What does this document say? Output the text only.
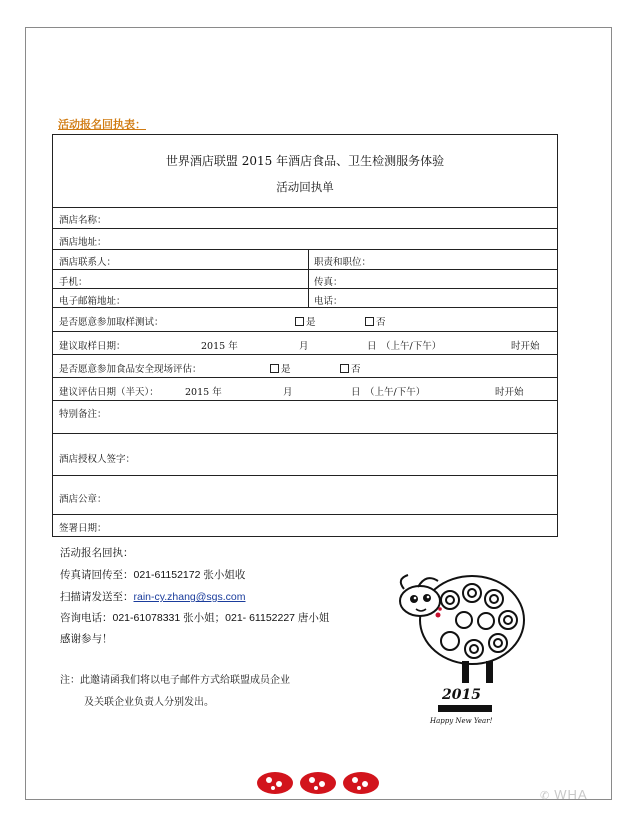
活动报名回执表：
世界酒店联盟 2015 年酒店食品、卫生检测服务体验
活动回执单
酒店名称：
酒店地址：
酒店联系人：	职责和职位：
手机：	传真：
电子邮箱地址：	电话：
是否愿意参加取样测试：	是	否
建议取样日期：	2015 年	月	日 （上午/下午）	时开始
是否愿意参加食品安全现场评估：	是	否
建议评估日期（半天）：	2015 年	月	日 （上午/下午）	时开始
特别备注：
酒店授权人签字：
酒店公章：
签署日期：
活动报名回执：
传真请回传至：021-61152172 张小姐收
扫描请发送至：rain-cy.zhang@sgs.com
咨询电话：021-61078331 张小姐；021- 61152227 唐小姐
感谢参与！
注：此邀请函我们将以电子邮件方式给联盟成员企业
及关联企业负责人分别发出。	2015
Happy New Year!
✆ WHA
